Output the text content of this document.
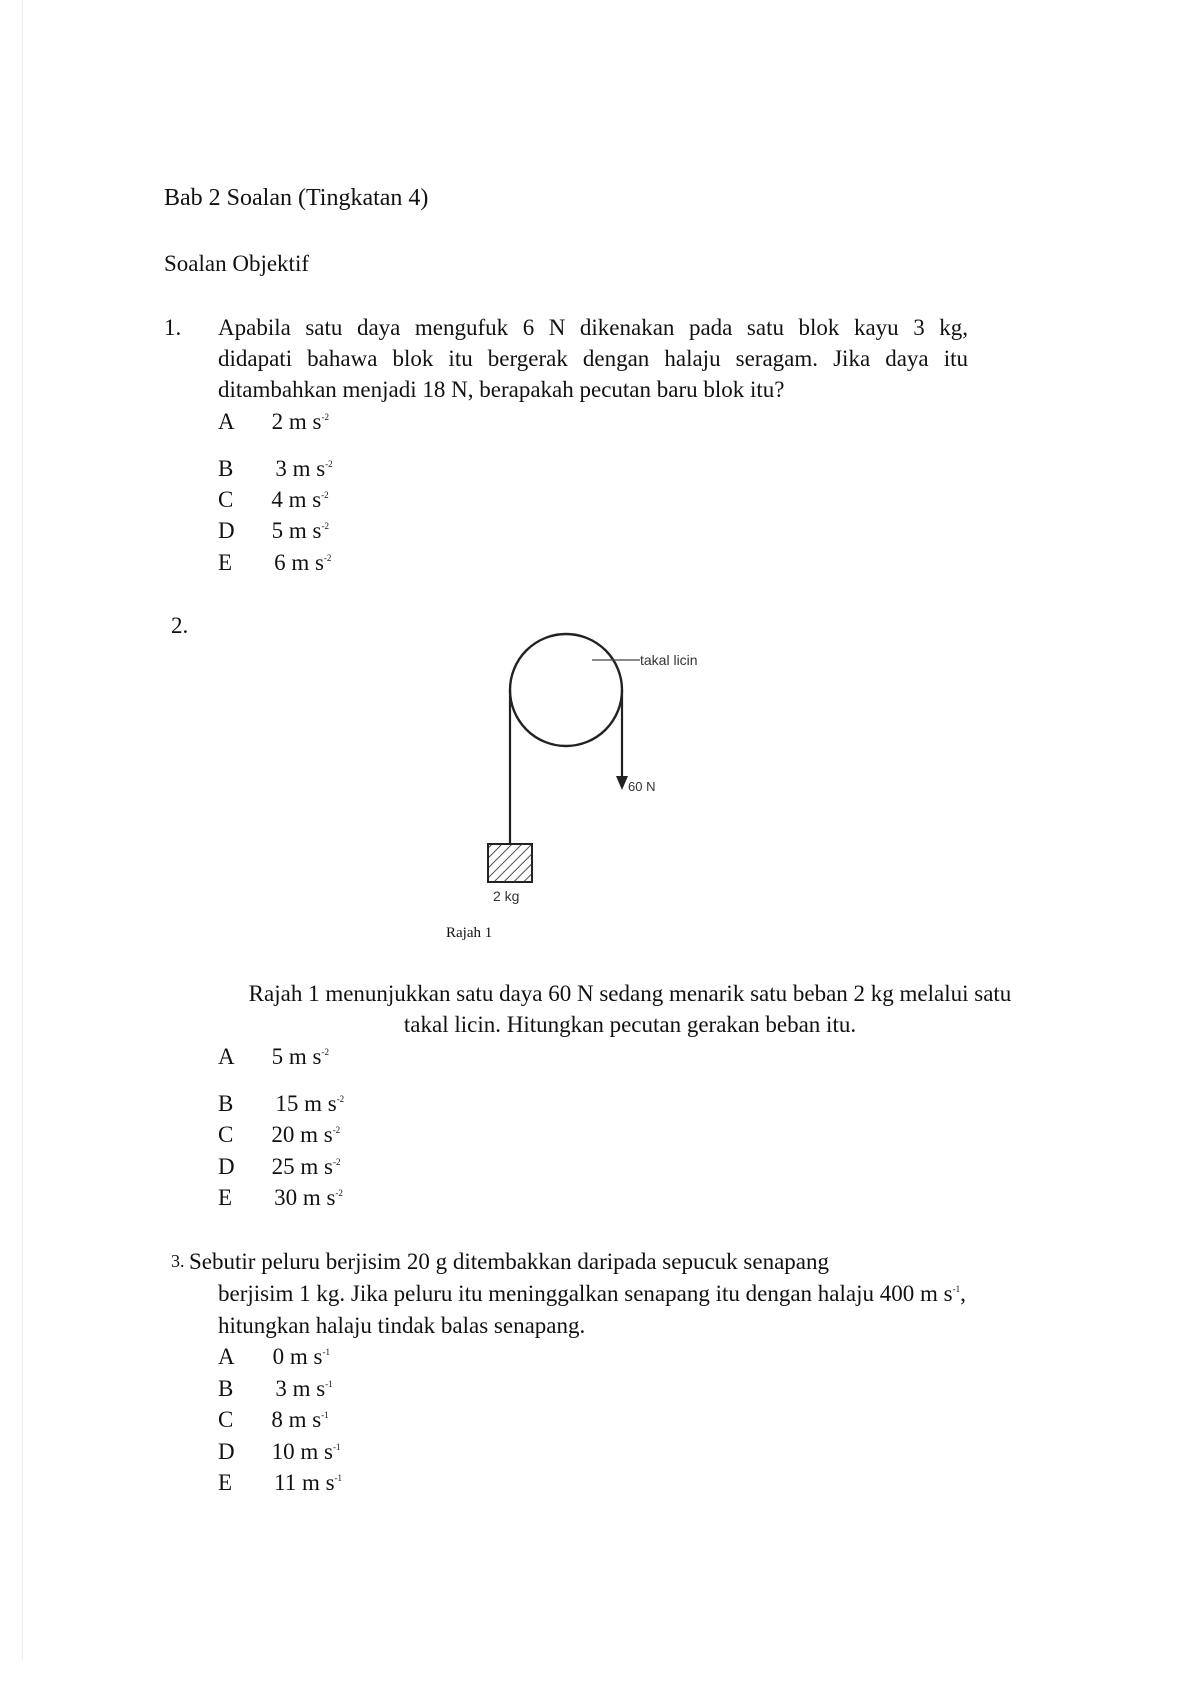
Bab 2 Soalan (Tingkatan 4)
Soalan Objektif
1. Apabila satu daya mengufuk 6 N dikenakan pada satu blok kayu 3 kg,
didapati bahawa blok itu bergerak dengan halaju seragam. Jika daya itu
ditambahkan menjadi 18 N, berapakah pecutan baru blok itu?
A 2 m $s^{-2}$
B 3 m $s^{-2}$
C 4 m $s^{-2}$
D 5 m $s^{-2}$
E 6 m $s^{-2}$
2.
takal licin
60 N
2 kg
Rajah 1
Rajah 1 menunjukkan satu daya 60 N sedang menarik satu beban 2 kg melalui satu
takal licin. Hitungkan pecutan gerakan beban itu.
A 5 m $s^{-2}$
B 15 m $s^{-2}$
C 20 m $s^{-2}$
D 25 m $s^{-2}$
E 30 m $s^{-2}$
3. Sebutir peluru berjisim 20 g ditembakkan daripada sepucuk senapang
berjisim 1 kg. Jika peluru itu meninggalkan senapang itu dengan halaju 400 m $s^{-1}$,
hitungkan halaju tindak balas senapang.
A 0 m $s^{-1}$
B 3 m $s^{-1}$
C 8 m $s^{-1}$
D 10 m $s^{-1}$
E 11 m $s^{-1}$
